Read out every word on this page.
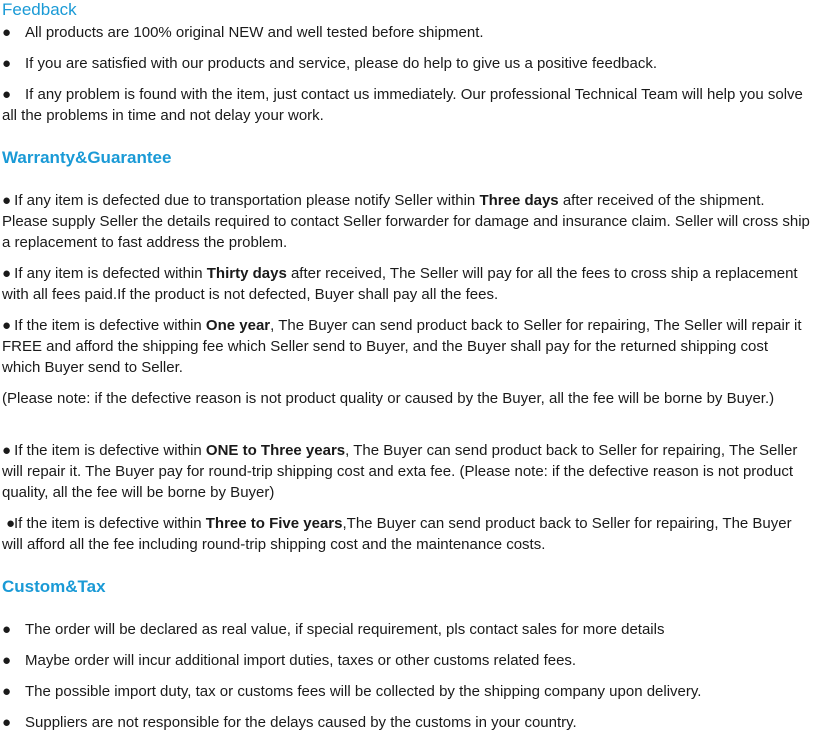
Feedback
● All products are 100% original NEW and well tested before shipment.
● If you are satisfied with our products and service, please do help to give us a positive feedback.
● If any problem is found with the item, just contact us immediately. Our professional Technical Team will help you solve all the problems in time and not delay your work.
Warranty&Guarantee
● If any item is defected due to transportation please notify Seller within Three days after received of the shipment. Please supply Seller the details required to contact Seller forwarder for damage and insurance claim. Seller will cross ship a replacement to fast address the problem.
● If any item is defected within Thirty days after received, The Seller will pay for all the fees to cross ship a replacement with all fees paid.If the product is not defected, Buyer shall pay all the fees.
● If the item is defective within One year, The Buyer can send product back to Seller for repairing, The Seller will repair it FREE and afford the shipping fee which Seller send to Buyer, and the Buyer shall pay for the returned shipping cost which Buyer send to Seller.
(Please note: if the defective reason is not product quality or caused by the Buyer, all the fee will be borne by Buyer.)
● If the item is defective within ONE to Three years, The Buyer can send product back to Seller for repairing, The Seller will repair it. The Buyer pay for round-trip shipping cost and exta fee. (Please note: if the defective reason is not product quality, all the fee will be borne by Buyer)
●If the item is defective within Three to Five years,The Buyer can send product back to Seller for repairing, The Buyer will afford all the fee including round-trip shipping cost and the maintenance costs.
Custom&Tax
● The order will be declared as real value, if special requirement, pls contact sales for more details
● Maybe order will incur additional import duties, taxes or other customs related fees.
● The possible import duty, tax or customs fees will be collected by the shipping company upon delivery.
● Suppliers are not responsible for the delays caused by the customs in your country.
